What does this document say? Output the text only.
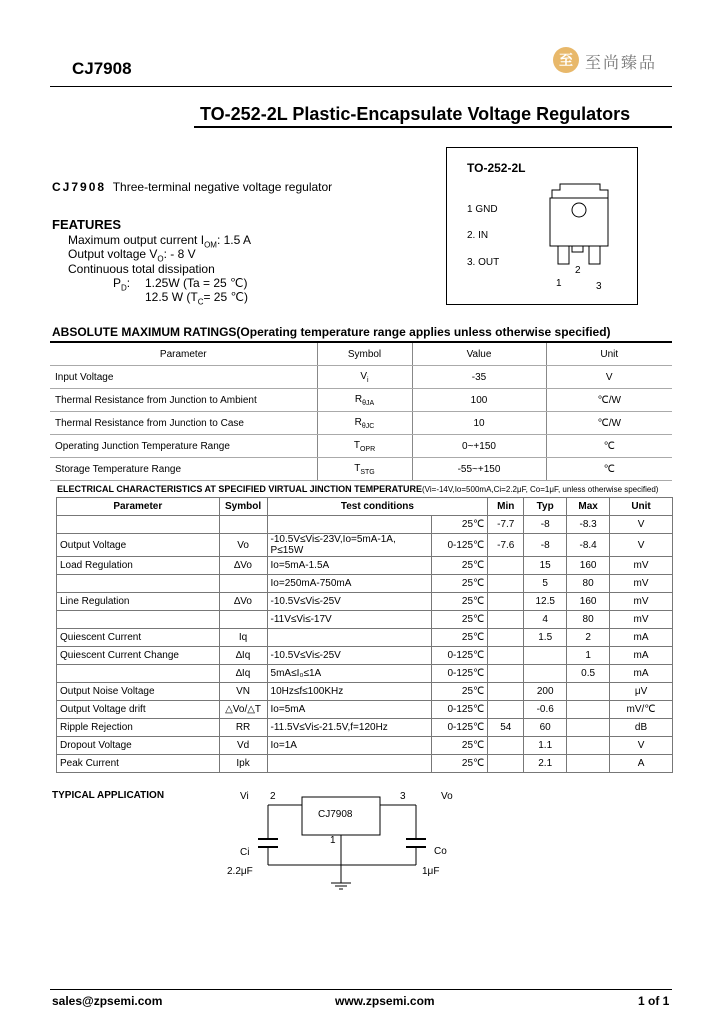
CJ7908	至 至尚臻品
TO-252-2L Plastic-Encapsulate Voltage Regulators
TO-252-2L
1 GND
2. IN
3. OUT
1
2
3
CJ7908 Three-terminal negative voltage regulator
FEATURES
Maximum output current $I_{OM}$: 1.5 A
Output voltage $V_O$: - 8 V
Continuous total dissipation
$P_D$: 1.25W (Ta = 25 ℃)
12.5 W ($T_C= 25$ ℃)
ABSOLUTE MAXIMUM RATINGS(Operating temperature range applies unless otherwise specified)
Parameter	Symbol	Value	Unit
Input Voltage	$V_i$	-35	V
Thermal Resistance from Junction to Ambient	$R_{\theta JA}$	100	℃/W
Thermal Resistance from Junction to Case	$R_{\theta JC}$	10	℃/W
Operating Junction Temperature Range	$T_{OPR}$	0~+150	℃
Storage Temperature Range	$T_{STG}$	-55~+150	℃
ELECTRICAL CHARACTERISTICS AT SPECIFIED VIRTUAL JINCTION TEMPERATURE(Vi=-14V,Io=500mA,Ci=2.2μF, Co=1μF, unless otherwise specified)
Parameter	Symbol	Test conditions		Min	Typ	Max	Unit
			25℃	-7.7	-8	-8.3	V
Output Voltage	Vo	-10.5V≤Vi≤-23V,Io=5mA-1A, P≤15W	0-125℃	-7.6	-8	-8.4	V
Load Regulation	∆Vo	Io=5mA-1.5A	25℃		15	160	mV
		Io=250mA-750mA	25℃		5	80	mV
Line Regulation	∆Vo	-10.5V≤Vi≤-25V	25℃		12.5	160	mV
		-11V≤Vi≤-17V	25℃		4	80	mV
Quiescent Current	Iq		25℃		1.5	2	mA
Quiescent Current Change	∆Iq	-10.5V≤Vi≤-25V	0-125℃			1	mA
	∆Iq	5mA≤I₀≤1A	0-125℃			0.5	mA
Output Noise Voltage	VN	10Hz≤f≤100KHz	25℃		200		μV
Output Voltage drift	△Vo/△T	Io=5mA	0-125℃		-0.6		mV/℃
Ripple Rejection	RR	-11.5V≤Vi≤-21.5V,f=120Hz	0-125℃	54	60		dB
Dropout Voltage	Vd	Io=1A	25℃		1.1		V
Peak Current	Ipk		25℃		2.1		A
TYPICAL APPLICATION	Vi 2	3	Vo
CJ7908
1
Ci
2.2μF
Co
1μF
sales@zpsemi.com	www.zpsemi.com	1 of 1
